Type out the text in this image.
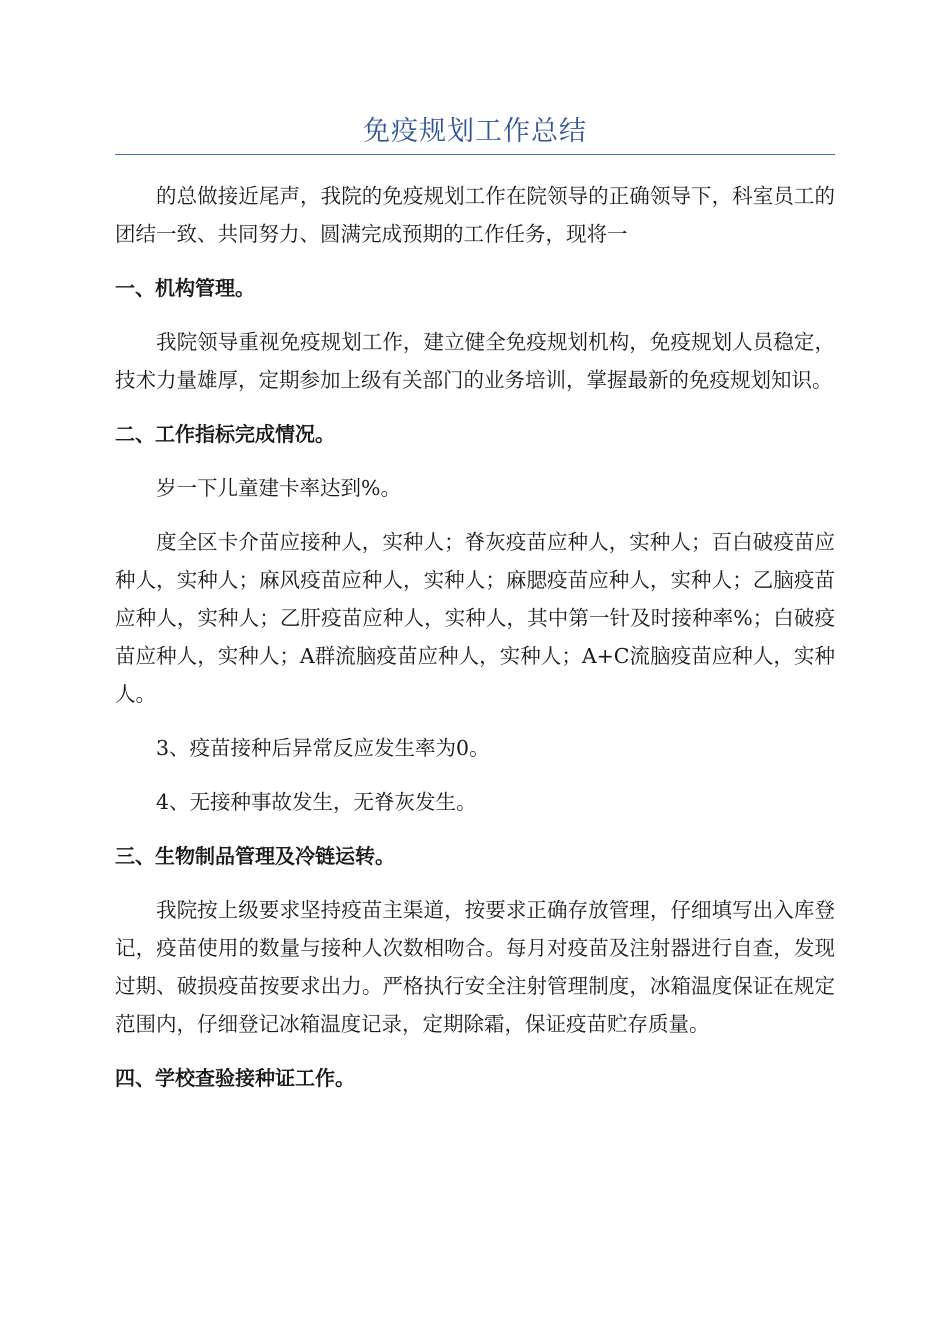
免疫规划工作总结

的总做接近尾声，我院的免疫规划工作在院领导的正确领导下，科室员工的团结一致、共同努力、圆满完成预期的工作任务，现将一

一、机构管理。

我院领导重视免疫规划工作，建立健全免疫规划机构，免疫规划人员稳定，技术力量雄厚，定期参加上级有关部门的业务培训，掌握最新的免疫规划知识。

二、工作指标完成情况。

岁一下儿童建卡率达到%。

度全区卡介苗应接种人，实种人；脊灰疫苗应种人，实种人；百白破疫苗应种人，实种人；麻风疫苗应种人，实种人；麻腮疫苗应种人，实种人；乙脑疫苗应种人，实种人；乙肝疫苗应种人，实种人，其中第一针及时接种率%；白破疫苗应种人，实种人；A群流脑疫苗应种人，实种人；A+C流脑疫苗应种人，实种人。

3、疫苗接种后异常反应发生率为0。

4、无接种事故发生，无脊灰发生。

三、生物制品管理及冷链运转。

我院按上级要求坚持疫苗主渠道，按要求正确存放管理，仔细填写出入库登记，疫苗使用的数量与接种人次数相吻合。每月对疫苗及注射器进行自查，发现过期、破损疫苗按要求出力。严格执行安全注射管理制度，冰箱温度保证在规定范围内，仔细登记冰箱温度记录，定期除霜，保证疫苗贮存质量。

四、学校查验接种证工作。
